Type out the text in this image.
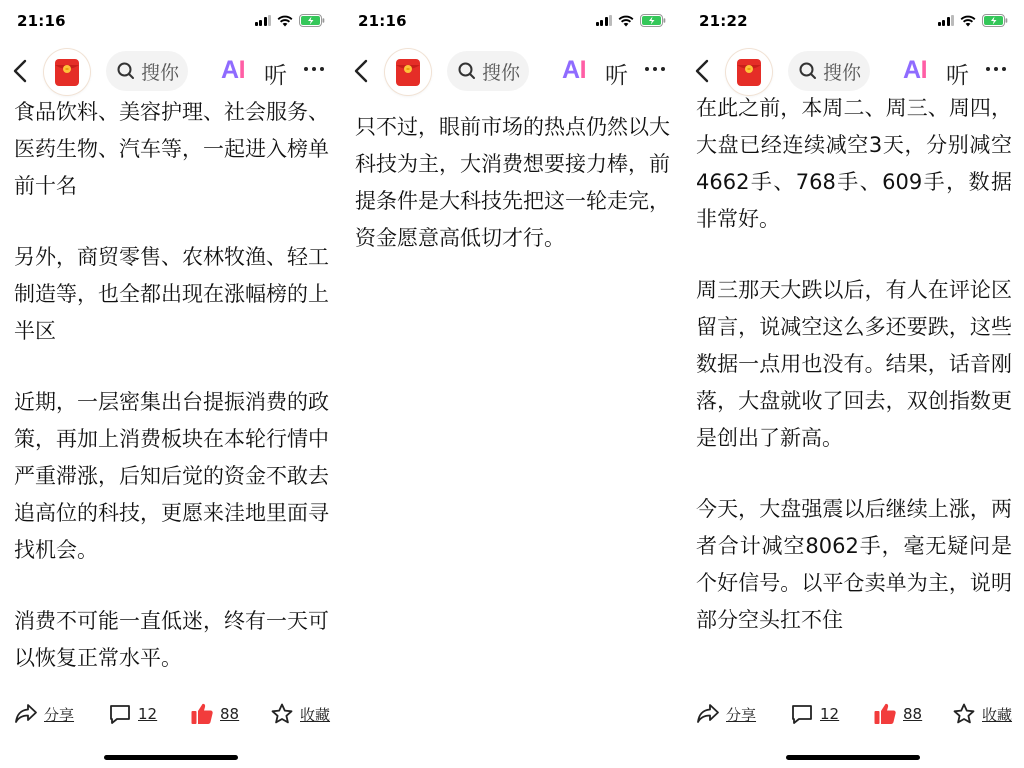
21:16
搜你 AI 听

食品饮料、美容护理、社会服务、医药生物、汽车等，一起进入榜单前十名

另外，商贸零售、农林牧渔、轻工制造等，也全都出现在涨幅榜的上半区

近期，一层密集出台提振消费的政策，再加上消费板块在本轮行情中严重滞涨，后知后觉的资金不敢去追高位的科技，更愿来洼地里面寻找机会。

消费不可能一直低迷，终有一天可以恢复正常水平。

分享	12	88	收藏
21:16
搜你 AI 听

只不过，眼前市场的热点仍然以大科技为主，大消费想要接力棒，前提条件是大科技先把这一轮走完，资金愿意高低切才行。

21:22
搜你 AI 听

在此之前，本周二、周三、周四，大盘已经连续减空3天，分别减空4662手、768手、609手，数据非常好。

周三那天大跌以后，有人在评论区留言，说减空这么多还要跌，这些数据一点用也没有。结果，话音刚落，大盘就收了回去，双创指数更是创出了新高。

今天，大盘强震以后继续上涨，两者合计减空8062手，毫无疑问是个好信号。以平仓卖单为主，说明部分空头扛不住

分享	12	88	收藏
